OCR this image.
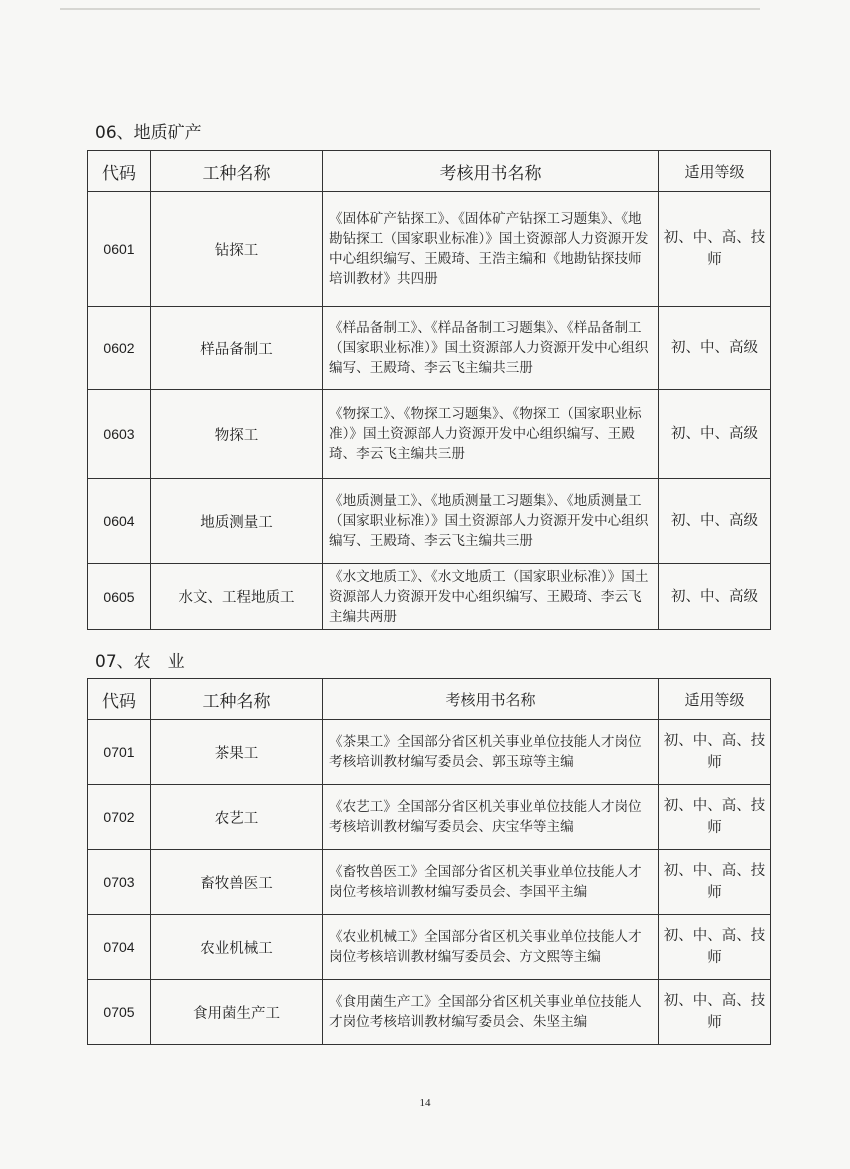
06、地质矿产
代码	工种名称	考核用书名称	适用等级
0601	钻探工	《固体矿产钻探工》、《固体矿产钻探工习题集》、《地勘钻探工（国家职业标准）》国土资源部人力资源开发中心组织编写、王殿琦、王浩主编和《地勘钻探技师培训教材》共四册	初、中、高、技师
0602	样品备制工	《样品备制工》、《样品备制工习题集》、《样品备制工（国家职业标准）》国土资源部人力资源开发中心组织编写、王殿琦、李云飞主编共三册	初、中、高级
0603	物探工	《物探工》、《物探工习题集》、《物探工（国家职业标准）》国土资源部人力资源开发中心组织编写、王殿琦、李云飞主编共三册	初、中、高级
0604	地质测量工	《地质测量工》、《地质测量工习题集》、《地质测量工（国家职业标准）》国土资源部人力资源开发中心组织编写、王殿琦、李云飞主编共三册	初、中、高级
0605	水文、工程地质工	《水文地质工》、《水文地质工（国家职业标准）》国土资源部人力资源开发中心组织编写、王殿琦、李云飞主编共两册	初、中、高级
07、农　业
代码	工种名称	考核用书名称	适用等级
0701	茶果工	《茶果工》全国部分省区机关事业单位技能人才岗位考核培训教材编写委员会、郭玉琼等主编	初、中、高、技师
0702	农艺工	《农艺工》全国部分省区机关事业单位技能人才岗位考核培训教材编写委员会、庆宝华等主编	初、中、高、技师
0703	畜牧兽医工	《畜牧兽医工》全国部分省区机关事业单位技能人才岗位考核培训教材编写委员会、李国平主编	初、中、高、技师
0704	农业机械工	《农业机械工》全国部分省区机关事业单位技能人才岗位考核培训教材编写委员会、方文熙等主编	初、中、高、技师
0705	食用菌生产工	《食用菌生产工》全国部分省区机关事业单位技能人才岗位考核培训教材编写委员会、朱坚主编	初、中、高、技师
14
